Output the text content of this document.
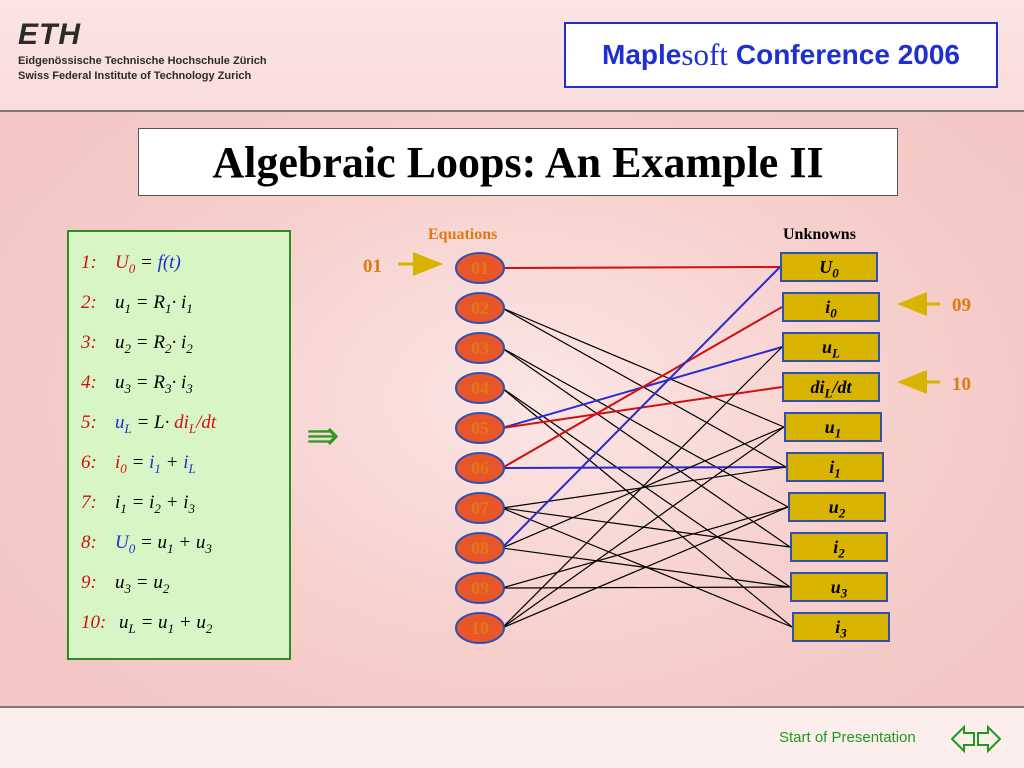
ETH
Eidgenössische Technische Hochschule Zürich
Swiss Federal Institute of Technology Zurich
Maple soft Conference 2006
Algebraic Loops: An Example II
1: $U_0 = f(t)$
2: $u_1 = R_1\cdot i_1$
3: $u_2 = R_2\cdot i_2$
4: $u_3 = R_3\cdot i_3$
5: $u_L = L\cdot di_L/dt$
6: $i_0 = i_1 + i_L$
7: $i_1 = i_2 + i_3$
8: $U_0 = u_1 + u_3$
9: $u_3 = u_2$
10: $u_L = u_1 + u_2$
⇛
Equations	Unknowns
01
02
03
04
05
06
07
08
09
10
01
09
10
$U_0$
$i_0$
$u_L$
$di_L/dt$
$u_1$
$i_1$
$u_2$
$i_2$
$u_3$
$i_3$
Start of Presentation
